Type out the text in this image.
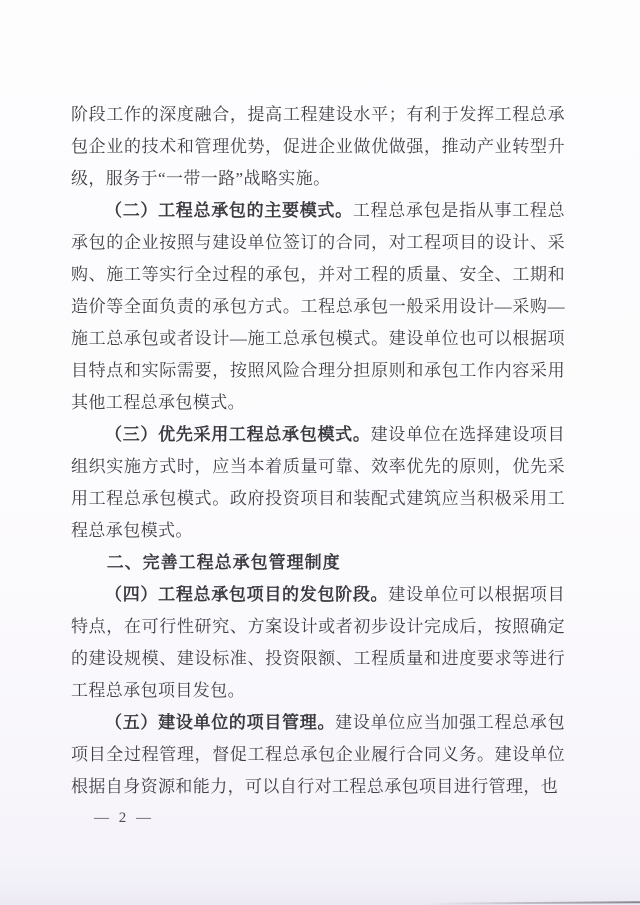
阶段工作的深度融合，提高工程建设水平；有利于发挥工程总承包企业的技术和管理优势，促进企业做优做强，推动产业转型升级，服务于“一带一路”战略实施。

（二）工程总承包的主要模式。工程总承包是指从事工程总承包的企业按照与建设单位签订的合同，对工程项目的设计、采购、施工等实行全过程的承包，并对工程的质量、安全、工期和造价等全面负责的承包方式。工程总承包一般采用设计—采购—施工总承包或者设计—施工总承包模式。建设单位也可以根据项目特点和实际需要，按照风险合理分担原则和承包工作内容采用其他工程总承包模式。

（三）优先采用工程总承包模式。建设单位在选择建设项目组织实施方式时，应当本着质量可靠、效率优先的原则，优先采用工程总承包模式。政府投资项目和装配式建筑应当积极采用工程总承包模式。

二、完善工程总承包管理制度

（四）工程总承包项目的发包阶段。建设单位可以根据项目特点，在可行性研究、方案设计或者初步设计完成后，按照确定的建设规模、建设标准、投资限额、工程质量和进度要求等进行工程总承包项目发包。

（五）建设单位的项目管理。建设单位应当加强工程总承包项目全过程管理，督促工程总承包企业履行合同义务。建设单位根据自身资源和能力，可以自行对工程总承包项目进行管理，也

— 2 —
